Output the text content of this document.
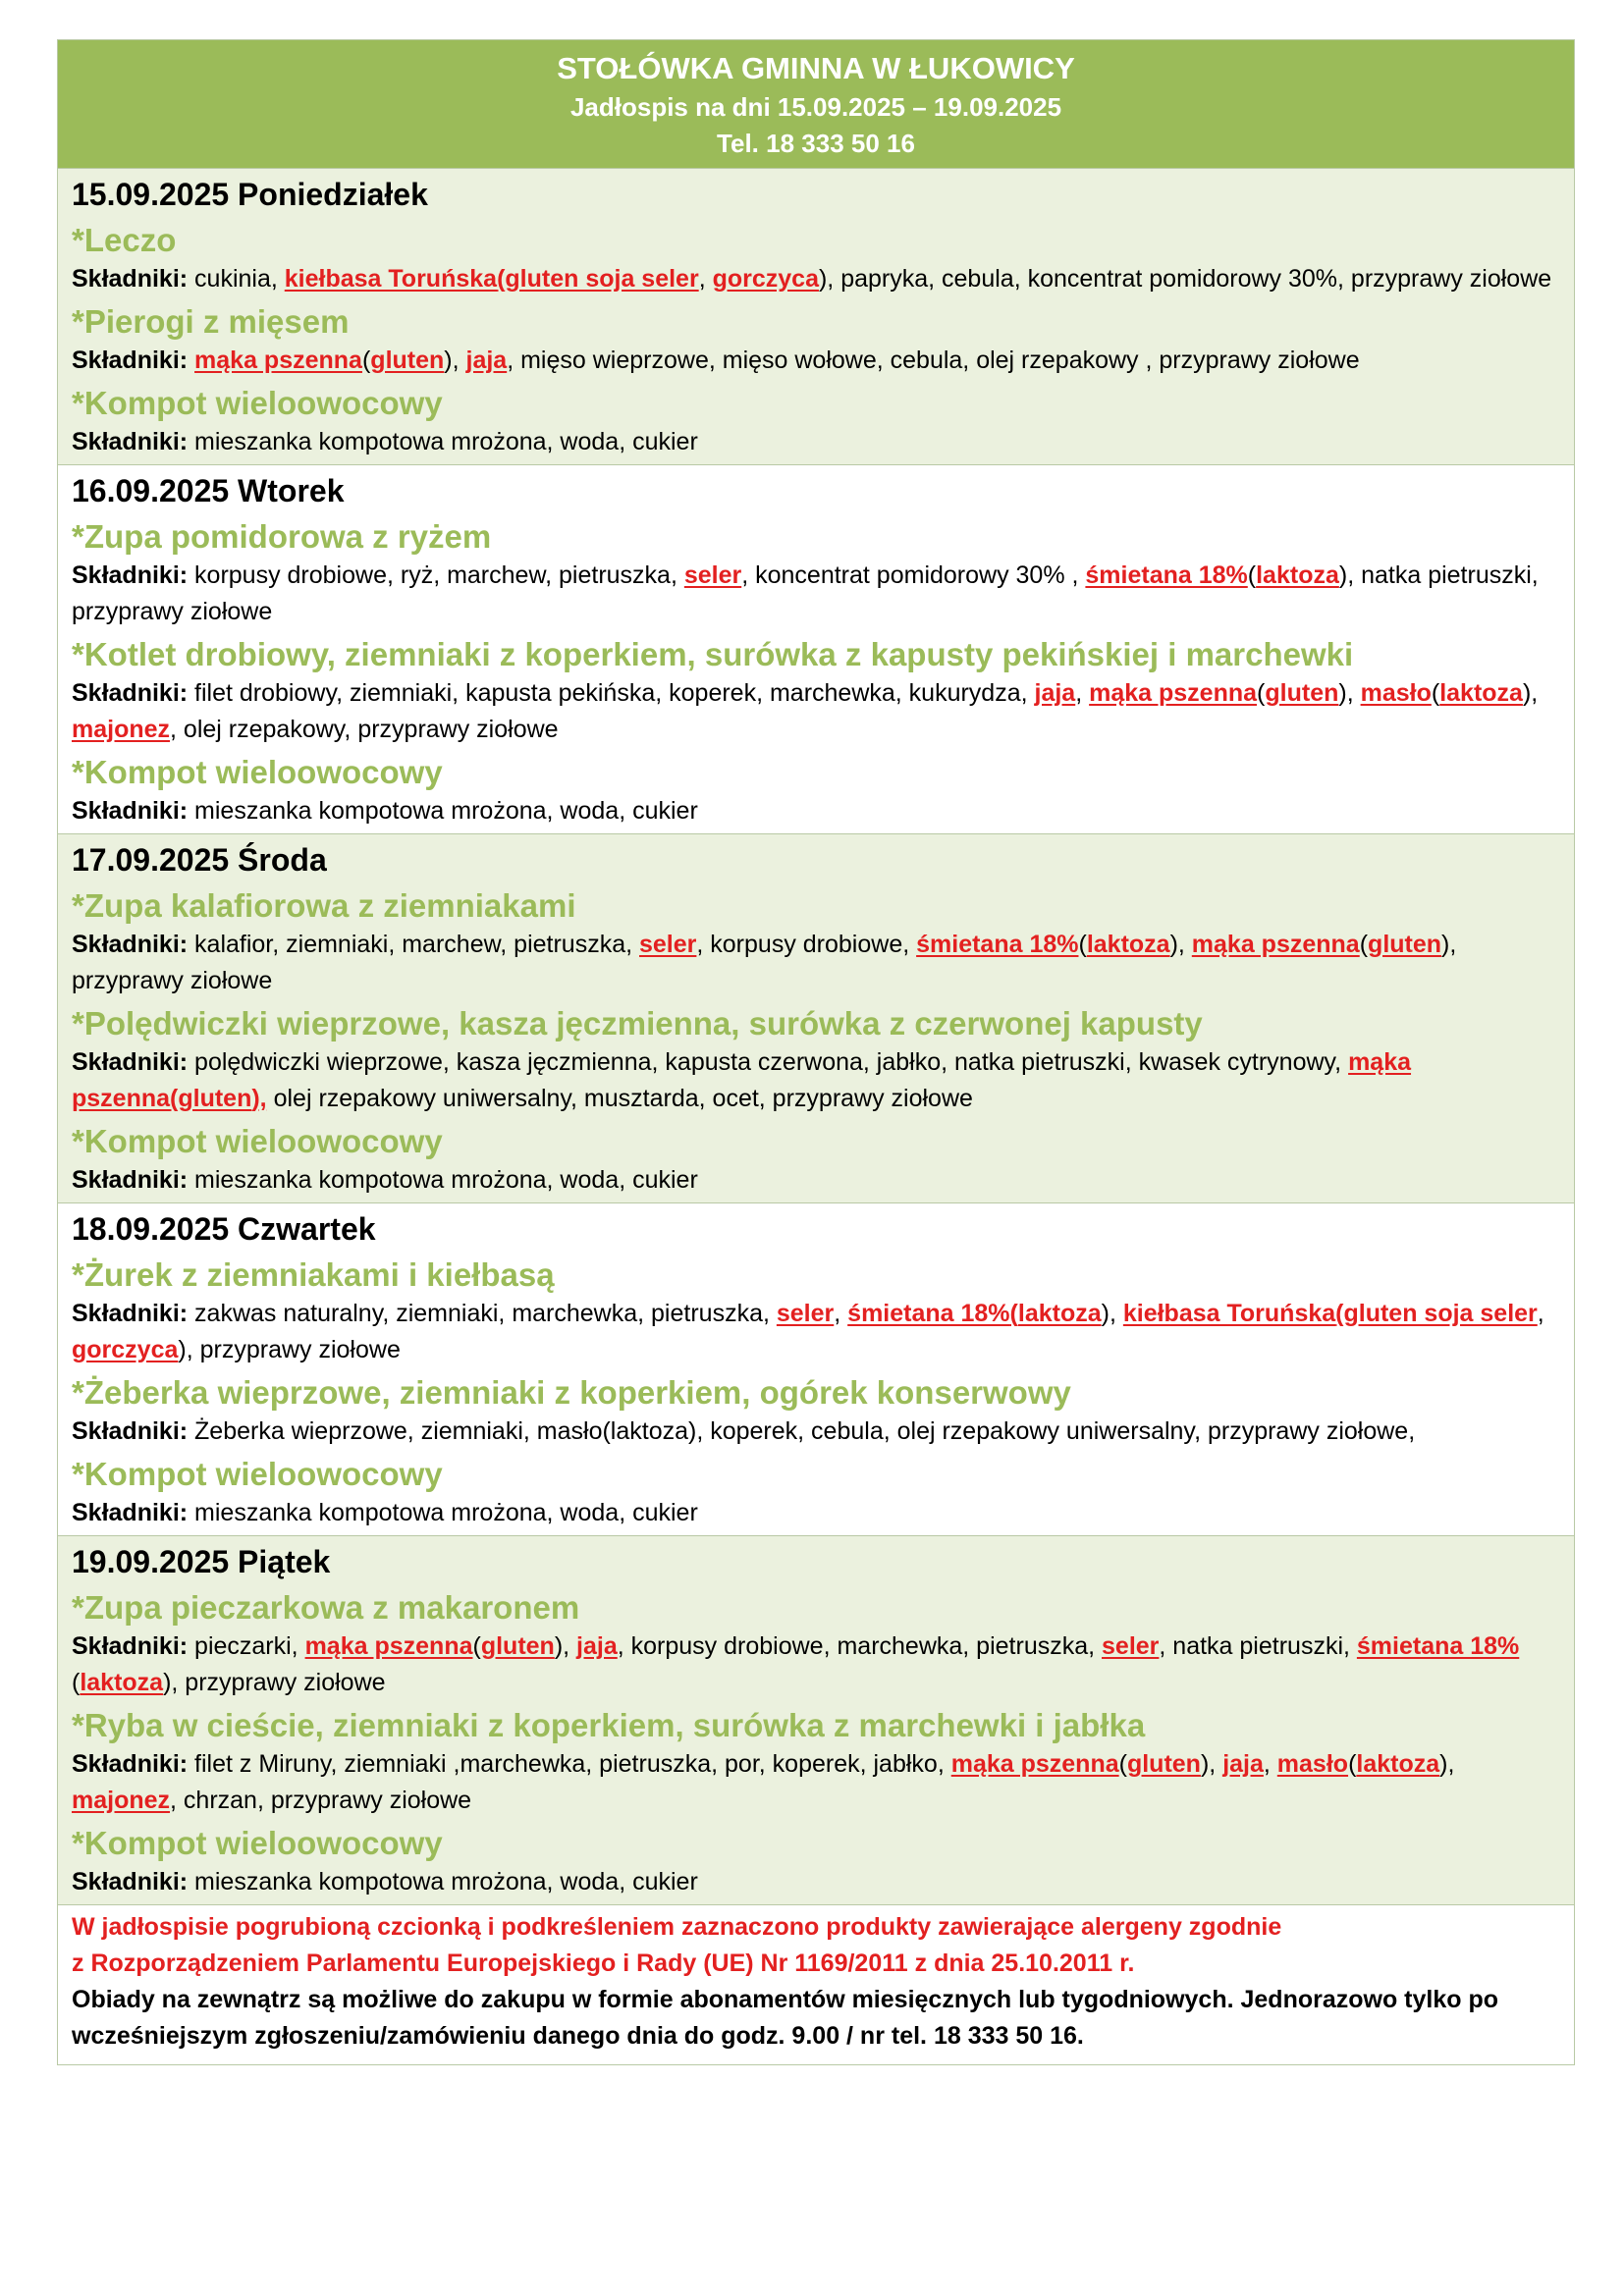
STOŁÓWKA GMINNA W ŁUKOWICY
Jadłospis na dni 15.09.2025 – 19.09.2025
Tel. 18 333 50 16
15.09.2025 Poniedziałek
*Leczo
Składniki: cukinia, kiełbasa Toruńska(gluten soja seler, gorczyca), papryka, cebula, koncentrat pomidorowy 30%, przyprawy ziołowe
*Pierogi z mięsem
Składniki: mąka pszenna(gluten), jaja, mięso wieprzowe, mięso wołowe, cebula, olej rzepakowy , przyprawy ziołowe
*Kompot wieloowocowy
Składniki: mieszanka kompotowa mrożona, woda, cukier
16.09.2025 Wtorek
*Zupa pomidorowa z ryżem
Składniki: korpusy drobiowe, ryż, marchew, pietruszka, seler, koncentrat pomidorowy 30% , śmietana 18%(laktoza), natka pietruszki, przyprawy ziołowe
*Kotlet drobiowy, ziemniaki z koperkiem, surówka z kapusty pekińskiej i marchewki
Składniki: filet drobiowy, ziemniaki, kapusta pekińska, koperek, marchewka, kukurydza, jaja, mąka pszenna(gluten), masło(laktoza), majonez, olej rzepakowy, przyprawy ziołowe
*Kompot wieloowocowy
Składniki: mieszanka kompotowa mrożona, woda, cukier
17.09.2025 Środa
*Zupa kalafiorowa z ziemniakami
Składniki: kalafior, ziemniaki, marchew, pietruszka, seler, korpusy drobiowe, śmietana 18%(laktoza), mąka pszenna(gluten), przyprawy ziołowe
*Polędwiczki wieprzowe, kasza jęczmienna, surówka z czerwonej kapusty
Składniki: polędwiczki wieprzowe, kasza jęczmienna, kapusta czerwona, jabłko, natka pietruszki, kwasek cytrynowy, mąka pszenna(gluten), olej rzepakowy uniwersalny, musztarda, ocet, przyprawy ziołowe
*Kompot wieloowocowy
Składniki: mieszanka kompotowa mrożona, woda, cukier
18.09.2025 Czwartek
*Żurek z ziemniakami i kiełbasą
Składniki: zakwas naturalny, ziemniaki, marchewka, pietruszka, seler, śmietana 18%(laktoza), kiełbasa Toruńska(gluten soja seler, gorczyca), przyprawy ziołowe
*Żeberka wieprzowe, ziemniaki z koperkiem, ogórek konserwowy
Składniki: Żeberka wieprzowe, ziemniaki, masło(laktoza), koperek, cebula, olej rzepakowy uniwersalny, przyprawy ziołowe,
*Kompot wieloowocowy
Składniki: mieszanka kompotowa mrożona, woda, cukier
19.09.2025 Piątek
*Zupa pieczarkowa z makaronem
Składniki: pieczarki, mąka pszenna(gluten), jaja, korpusy drobiowe, marchewka, pietruszka, seler, natka pietruszki, śmietana 18%(laktoza), przyprawy ziołowe
*Ryba w cieście, ziemniaki z koperkiem, surówka z marchewki i jabłka
Składniki: filet z Miruny, ziemniaki ,marchewka, pietruszka, por, koperek, jabłko, mąka pszenna(gluten), jaja, masło(laktoza), majonez, chrzan, przyprawy ziołowe
*Kompot wieloowocowy
Składniki: mieszanka kompotowa mrożona, woda, cukier
W jadłospisie pogrubioną czcionką i podkreśleniem zaznaczono produkty zawierające alergeny zgodnie
z Rozporządzeniem Parlamentu Europejskiego i Rady (UE) Nr 1169/2011 z dnia 25.10.2011 r.
Obiady na zewnątrz są możliwe do zakupu w formie abonamentów miesięcznych lub tygodniowych. Jednorazowo tylko po wcześniejszym zgłoszeniu/zamówieniu danego dnia do godz. 9.00 / nr tel. 18 333 50 16.
